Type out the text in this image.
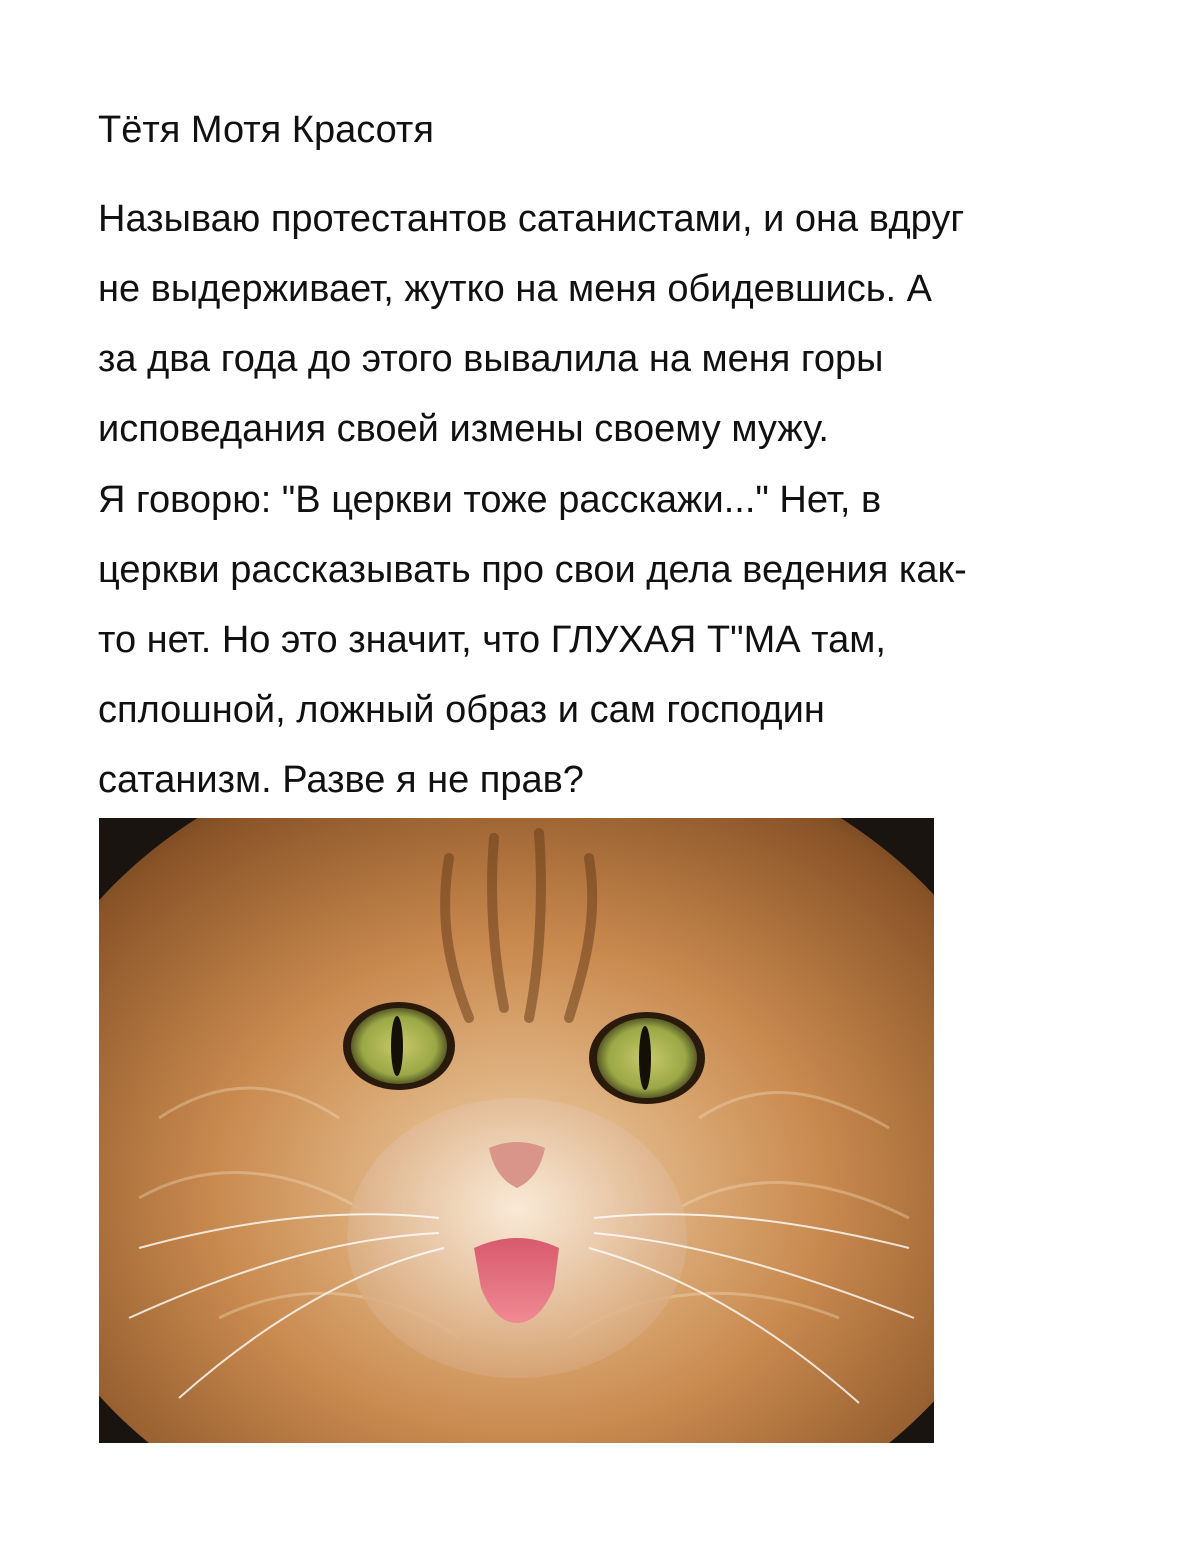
Тётя Мотя Красотя

Называю протестантов сатанистами, и она вдруг
не выдерживает, жутко на меня обидевшись. А
за два года до этого вывалила на меня горы
исповедания своей измены своему мужу.

Я говорю: "В церкви тоже расскажи..." Нет, в
церкви рассказывать про свои дела ведения как-
то нет. Но это значит, что ГЛУХАЯ Т"МА там,
сплошной, ложный образ и сам господин
сатанизм. Разве я не прав?
